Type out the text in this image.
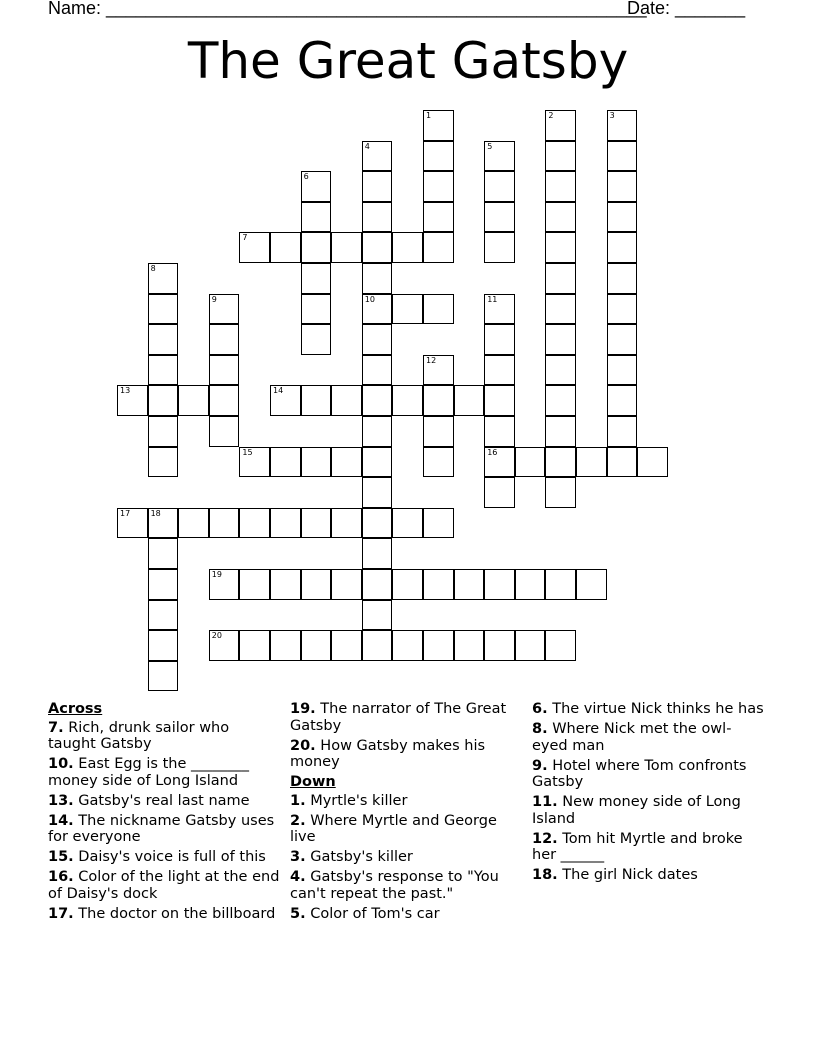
Name: ______________________________________________________
Date: _______
The Great Gatsby
7
10
13	14
15	16
17	18
19
20
1	2	3
4	5
6
8
9	11
12
Across
7. Rich, drunk sailor who taught Gatsby
10. East Egg is the ________ money side of Long Island
13. Gatsby's real last name
14. The nickname Gatsby uses for everyone
15. Daisy's voice is full of this
16. Color of the light at the end of Daisy's dock
17. The doctor on the billboard
19. The narrator of The Great Gatsby
20. How Gatsby makes his money
Down
1. Myrtle's killer
2. Where Myrtle and George live
3. Gatsby's killer
4. Gatsby's response to "You can't repeat the past."
5. Color of Tom's car
6. The virtue Nick thinks he has
8. Where Nick met the owl-eyed man
9. Hotel where Tom confronts Gatsby
11. New money side of Long Island
12. Tom hit Myrtle and broke her ______
18. The girl Nick dates
